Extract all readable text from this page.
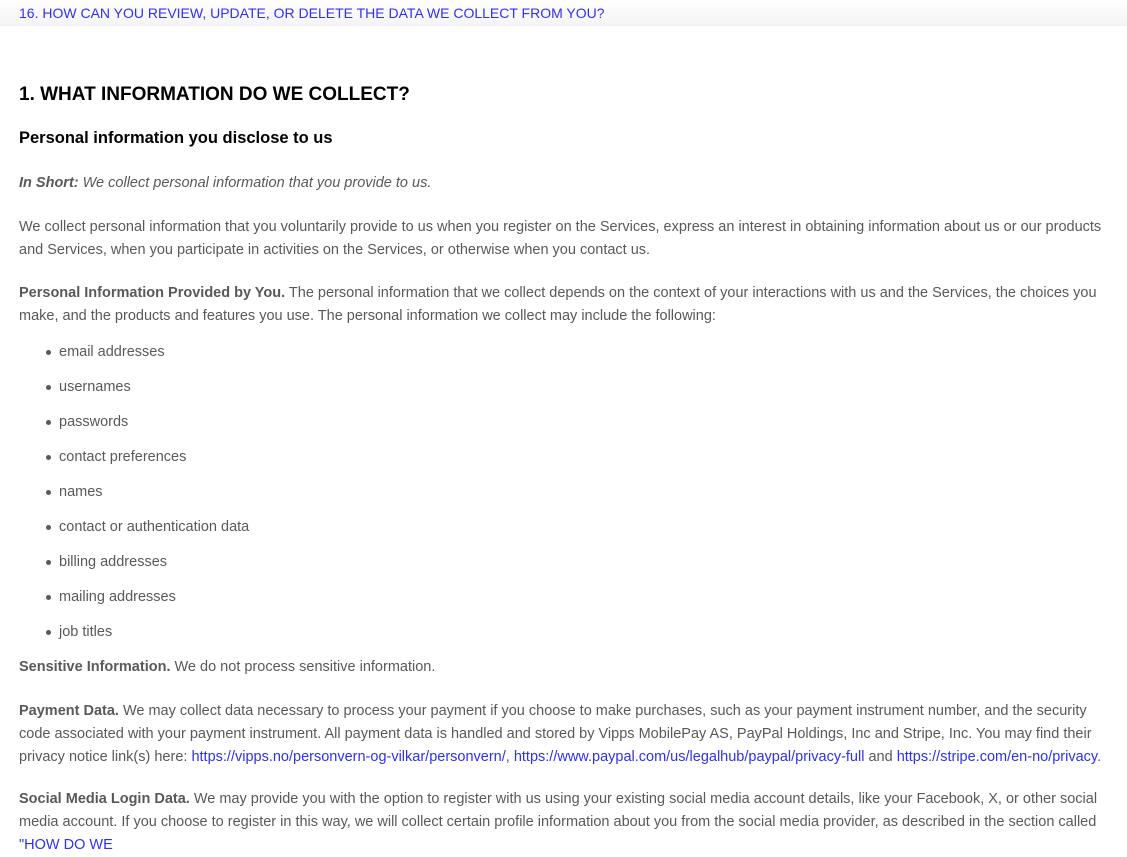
16. HOW CAN YOU REVIEW, UPDATE, OR DELETE THE DATA WE COLLECT FROM YOU?
1. WHAT INFORMATION DO WE COLLECT?
Personal information you disclose to us

In Short: We collect personal information that you provide to us.

We collect personal information that you voluntarily provide to us when you register on the Services, express an interest in obtaining information about us or our products and Services, when you participate in activities on the Services, or otherwise when you contact us.

Personal Information Provided by You. The personal information that we collect depends on the context of your interactions with us and the Services, the choices you make, and the products and features you use. The personal information we collect may include the following:

email addresses
usernames
passwords
contact preferences
names
contact or authentication data
billing addresses
mailing addresses
job titles

Sensitive Information. We do not process sensitive information.

Payment Data. We may collect data necessary to process your payment if you choose to make purchases, such as your payment instrument number, and the security code associated with your payment instrument. All payment data is handled and stored by Vipps MobilePay AS, PayPal Holdings, Inc and Stripe, Inc. You may find their privacy notice link(s) here: https://vipps.no/personvern-og-vilkar/personvern/, https://www.paypal.com/us/legalhub/paypal/privacy-full and https://stripe.com/en-no/privacy.

Social Media Login Data. We may provide you with the option to register with us using your existing social media account details, like your Facebook, X, or other social media account. If you choose to register in this way, we will collect certain profile information about you from the social media provider, as described in the section called "HOW DO WE
